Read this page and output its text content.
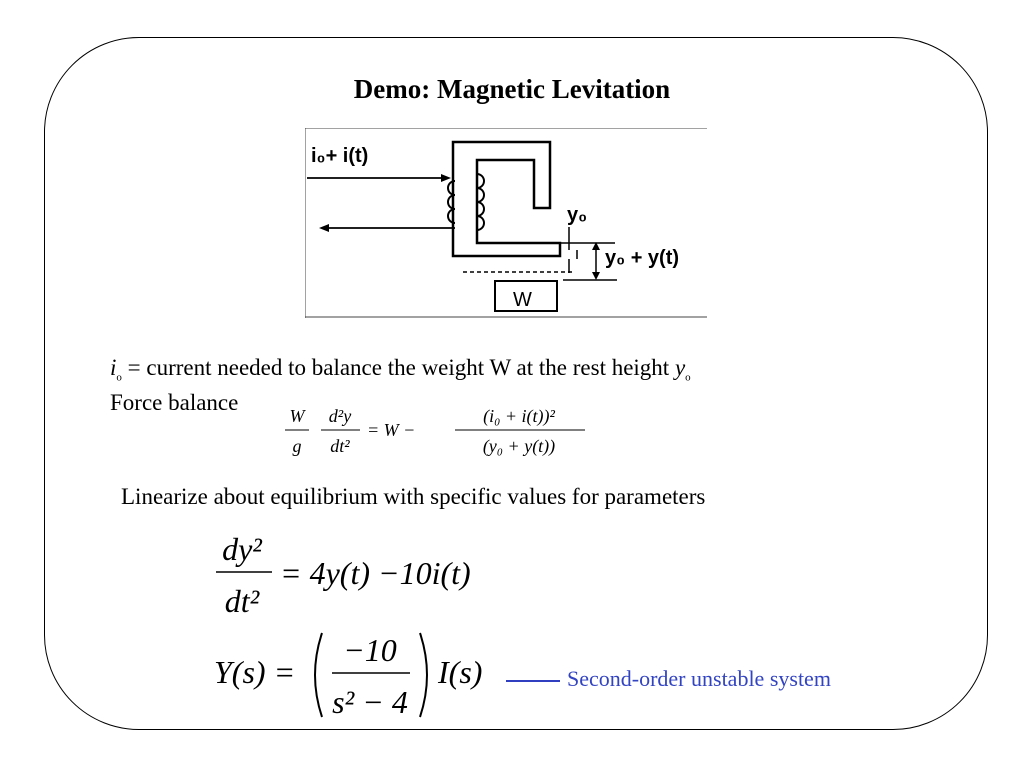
Demo: Magnetic Levitation
i₀+ i(t)
y₀
y₀ + y(t)
W
$i_o$ = current needed to balance the weight W at the rest height $y_o$
Force balance
W
g
d²y
dt²
= W −
(i₀ + i(t))²
(y₀ + y(t))
Linearize about equilibrium with specific values for parameters
dy²
dt²
= 4y(t) −10i(t)
Y(s) =
−10
s² − 4
I(s)	Second-order unstable system
